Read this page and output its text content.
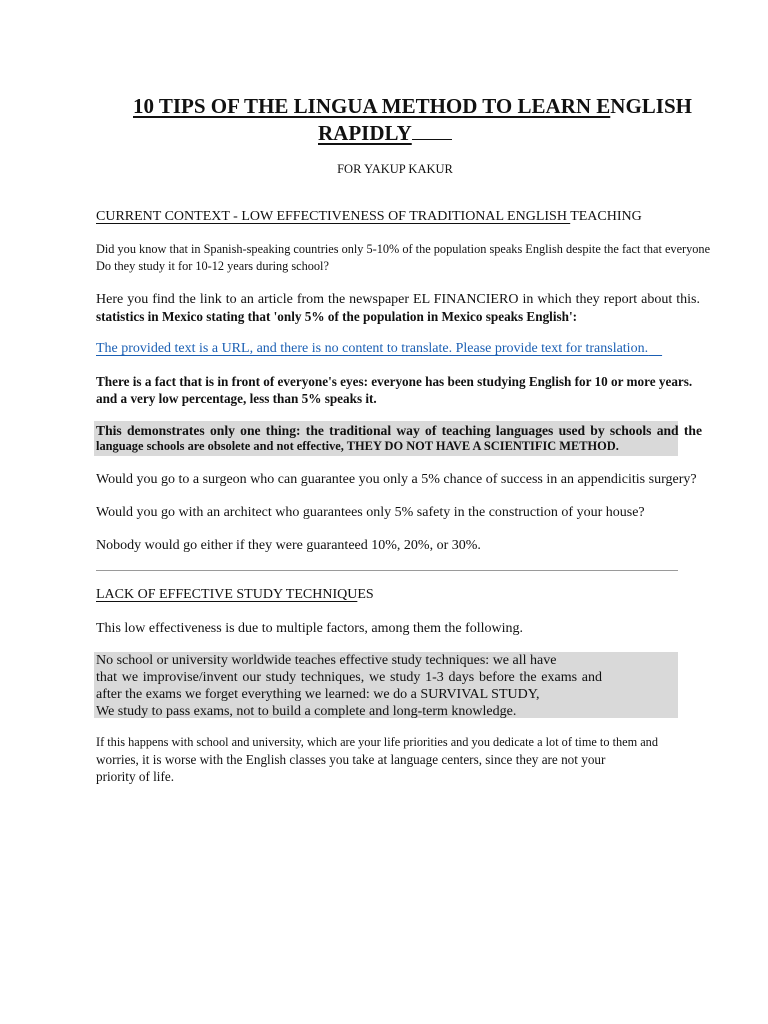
10 TIPS OF THE LINGUA METHOD TO LEARN ENGLISH
RAPIDLY
FOR YAKUP KAKUR
CURRENT CONTEXT - LOW EFFECTIVENESS OF TRADITIONAL ENGLISH TEACHING
Did you know that in Spanish-speaking countries only 5-10% of the population speaks English despite the fact that everyone
Do they study it for 10-12 years during school?
Here you find the link to an article from the newspaper EL FINANCIERO in which they report about this.
statistics in Mexico stating that 'only 5% of the population in Mexico speaks English':
The provided text is a URL, and there is no content to translate. Please provide text for translation.
There is a fact that is in front of everyone's eyes: everyone has been studying English for 10 or more years.
and a very low percentage, less than 5% speaks it.
This demonstrates only one thing: the traditional way of teaching languages used by schools and the
language schools are obsolete and not effective, THEY DO NOT HAVE A SCIENTIFIC METHOD.
Would you go to a surgeon who can guarantee you only a 5% chance of success in an appendicitis surgery?
Would you go with an architect who guarantees only 5% safety in the construction of your house?
Nobody would go either if they were guaranteed 10%, 20%, or 30%.
LACK OF EFFECTIVE STUDY TECHNIQUES
This low effectiveness is due to multiple factors, among them the following.
No school or university worldwide teaches effective study techniques: we all have
that we improvise/invent our study techniques, we study 1-3 days before the exams and
after the exams we forget everything we learned: we do a SURVIVAL STUDY,
We study to pass exams, not to build a complete and long-term knowledge.
If this happens with school and university, which are your life priorities and you dedicate a lot of time to them and
worries, it is worse with the English classes you take at language centers, since they are not your
priority of life.
